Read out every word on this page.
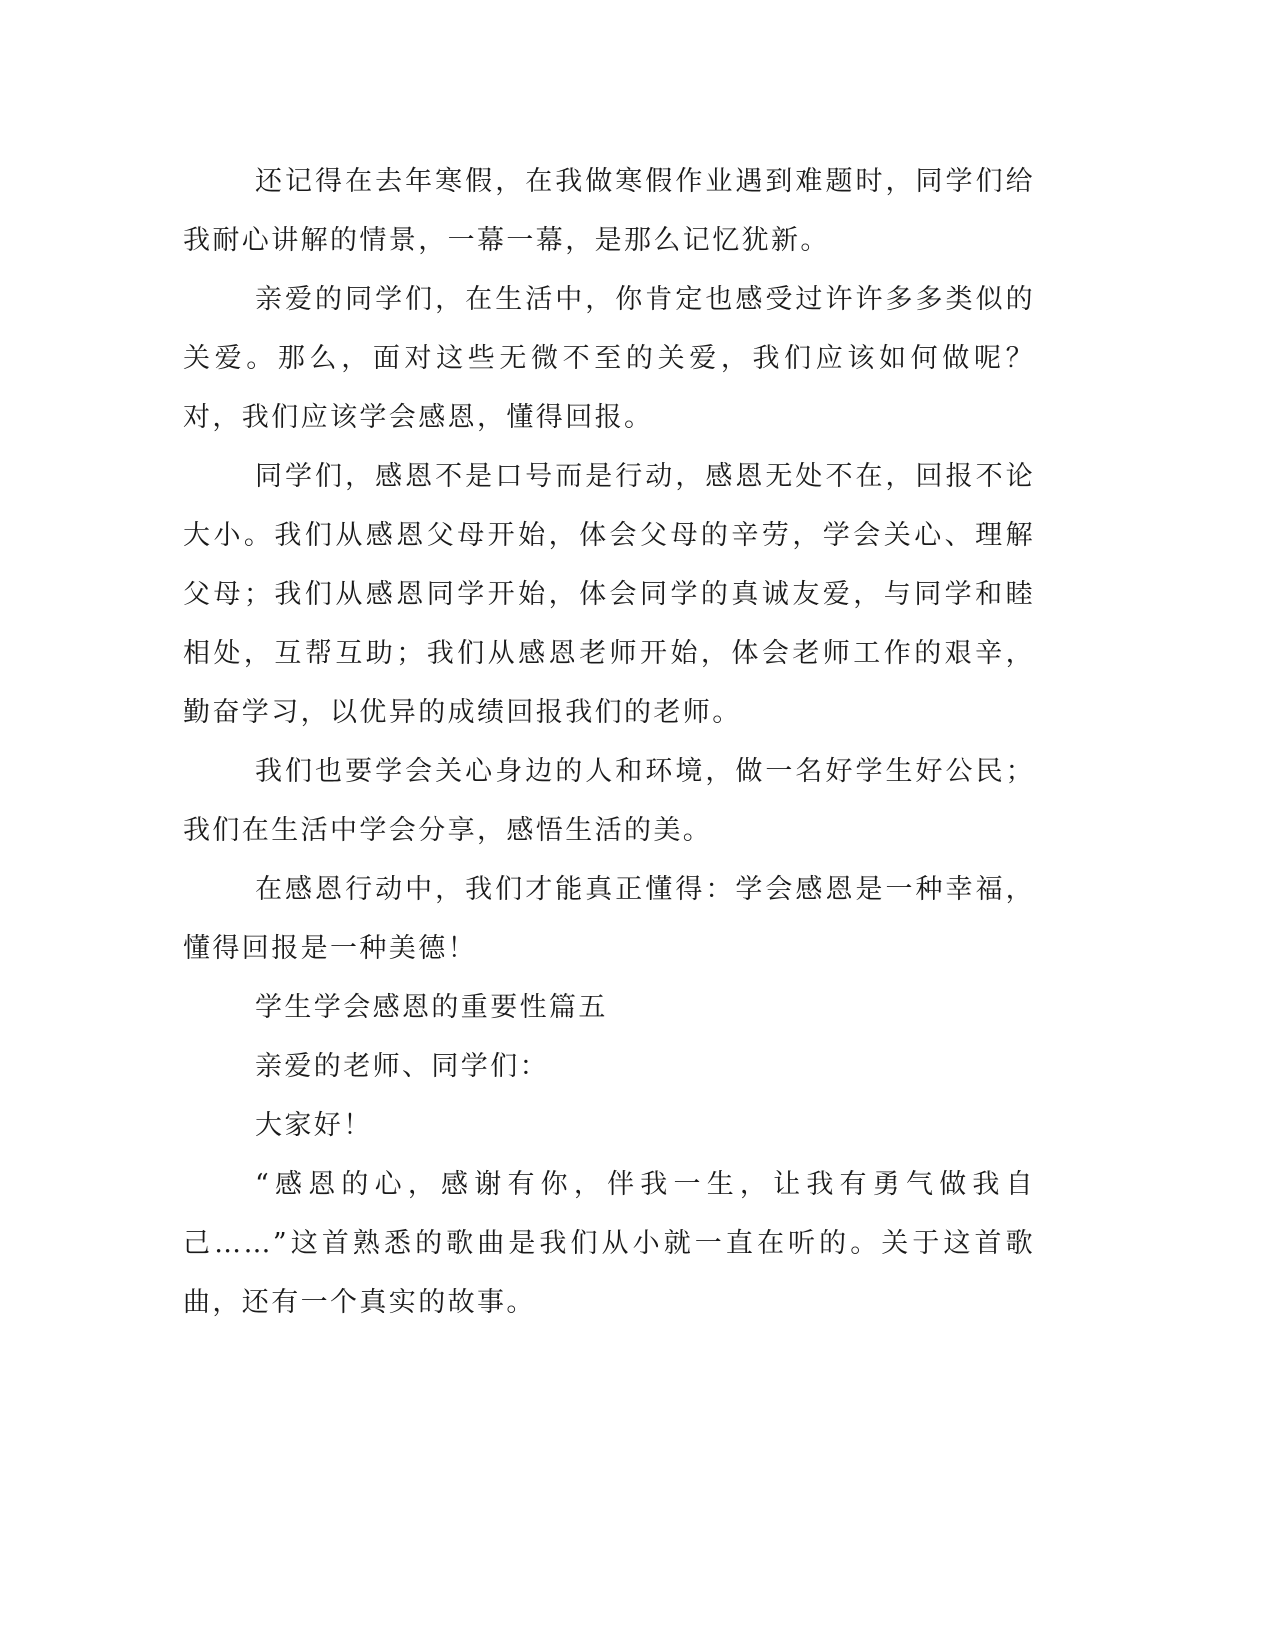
还记得在去年寒假，在我做寒假作业遇到难题时，同学们给我耐心讲解的情景，一幕一幕，是那么记忆犹新。

亲爱的同学们，在生活中，你肯定也感受过许许多多类似的关爱。那么，面对这些无微不至的关爱，我们应该如何做呢？对，我们应该学会感恩，懂得回报。

同学们，感恩不是口号而是行动，感恩无处不在，回报不论大小。我们从感恩父母开始，体会父母的辛劳，学会关心、理解父母；我们从感恩同学开始，体会同学的真诚友爱，与同学和睦相处，互帮互助；我们从感恩老师开始，体会老师工作的艰辛，勤奋学习，以优异的成绩回报我们的老师。

我们也要学会关心身边的人和环境，做一名好学生好公民；我们在生活中学会分享，感悟生活的美。

在感恩行动中，我们才能真正懂得：学会感恩是一种幸福，懂得回报是一种美德！

学生学会感恩的重要性篇五

亲爱的老师、同学们：

大家好！

“感恩的心，感谢有你，伴我一生，让我有勇气做我自己……”这首熟悉的歌曲是我们从小就一直在听的。关于这首歌曲，还有一个真实的故事。
